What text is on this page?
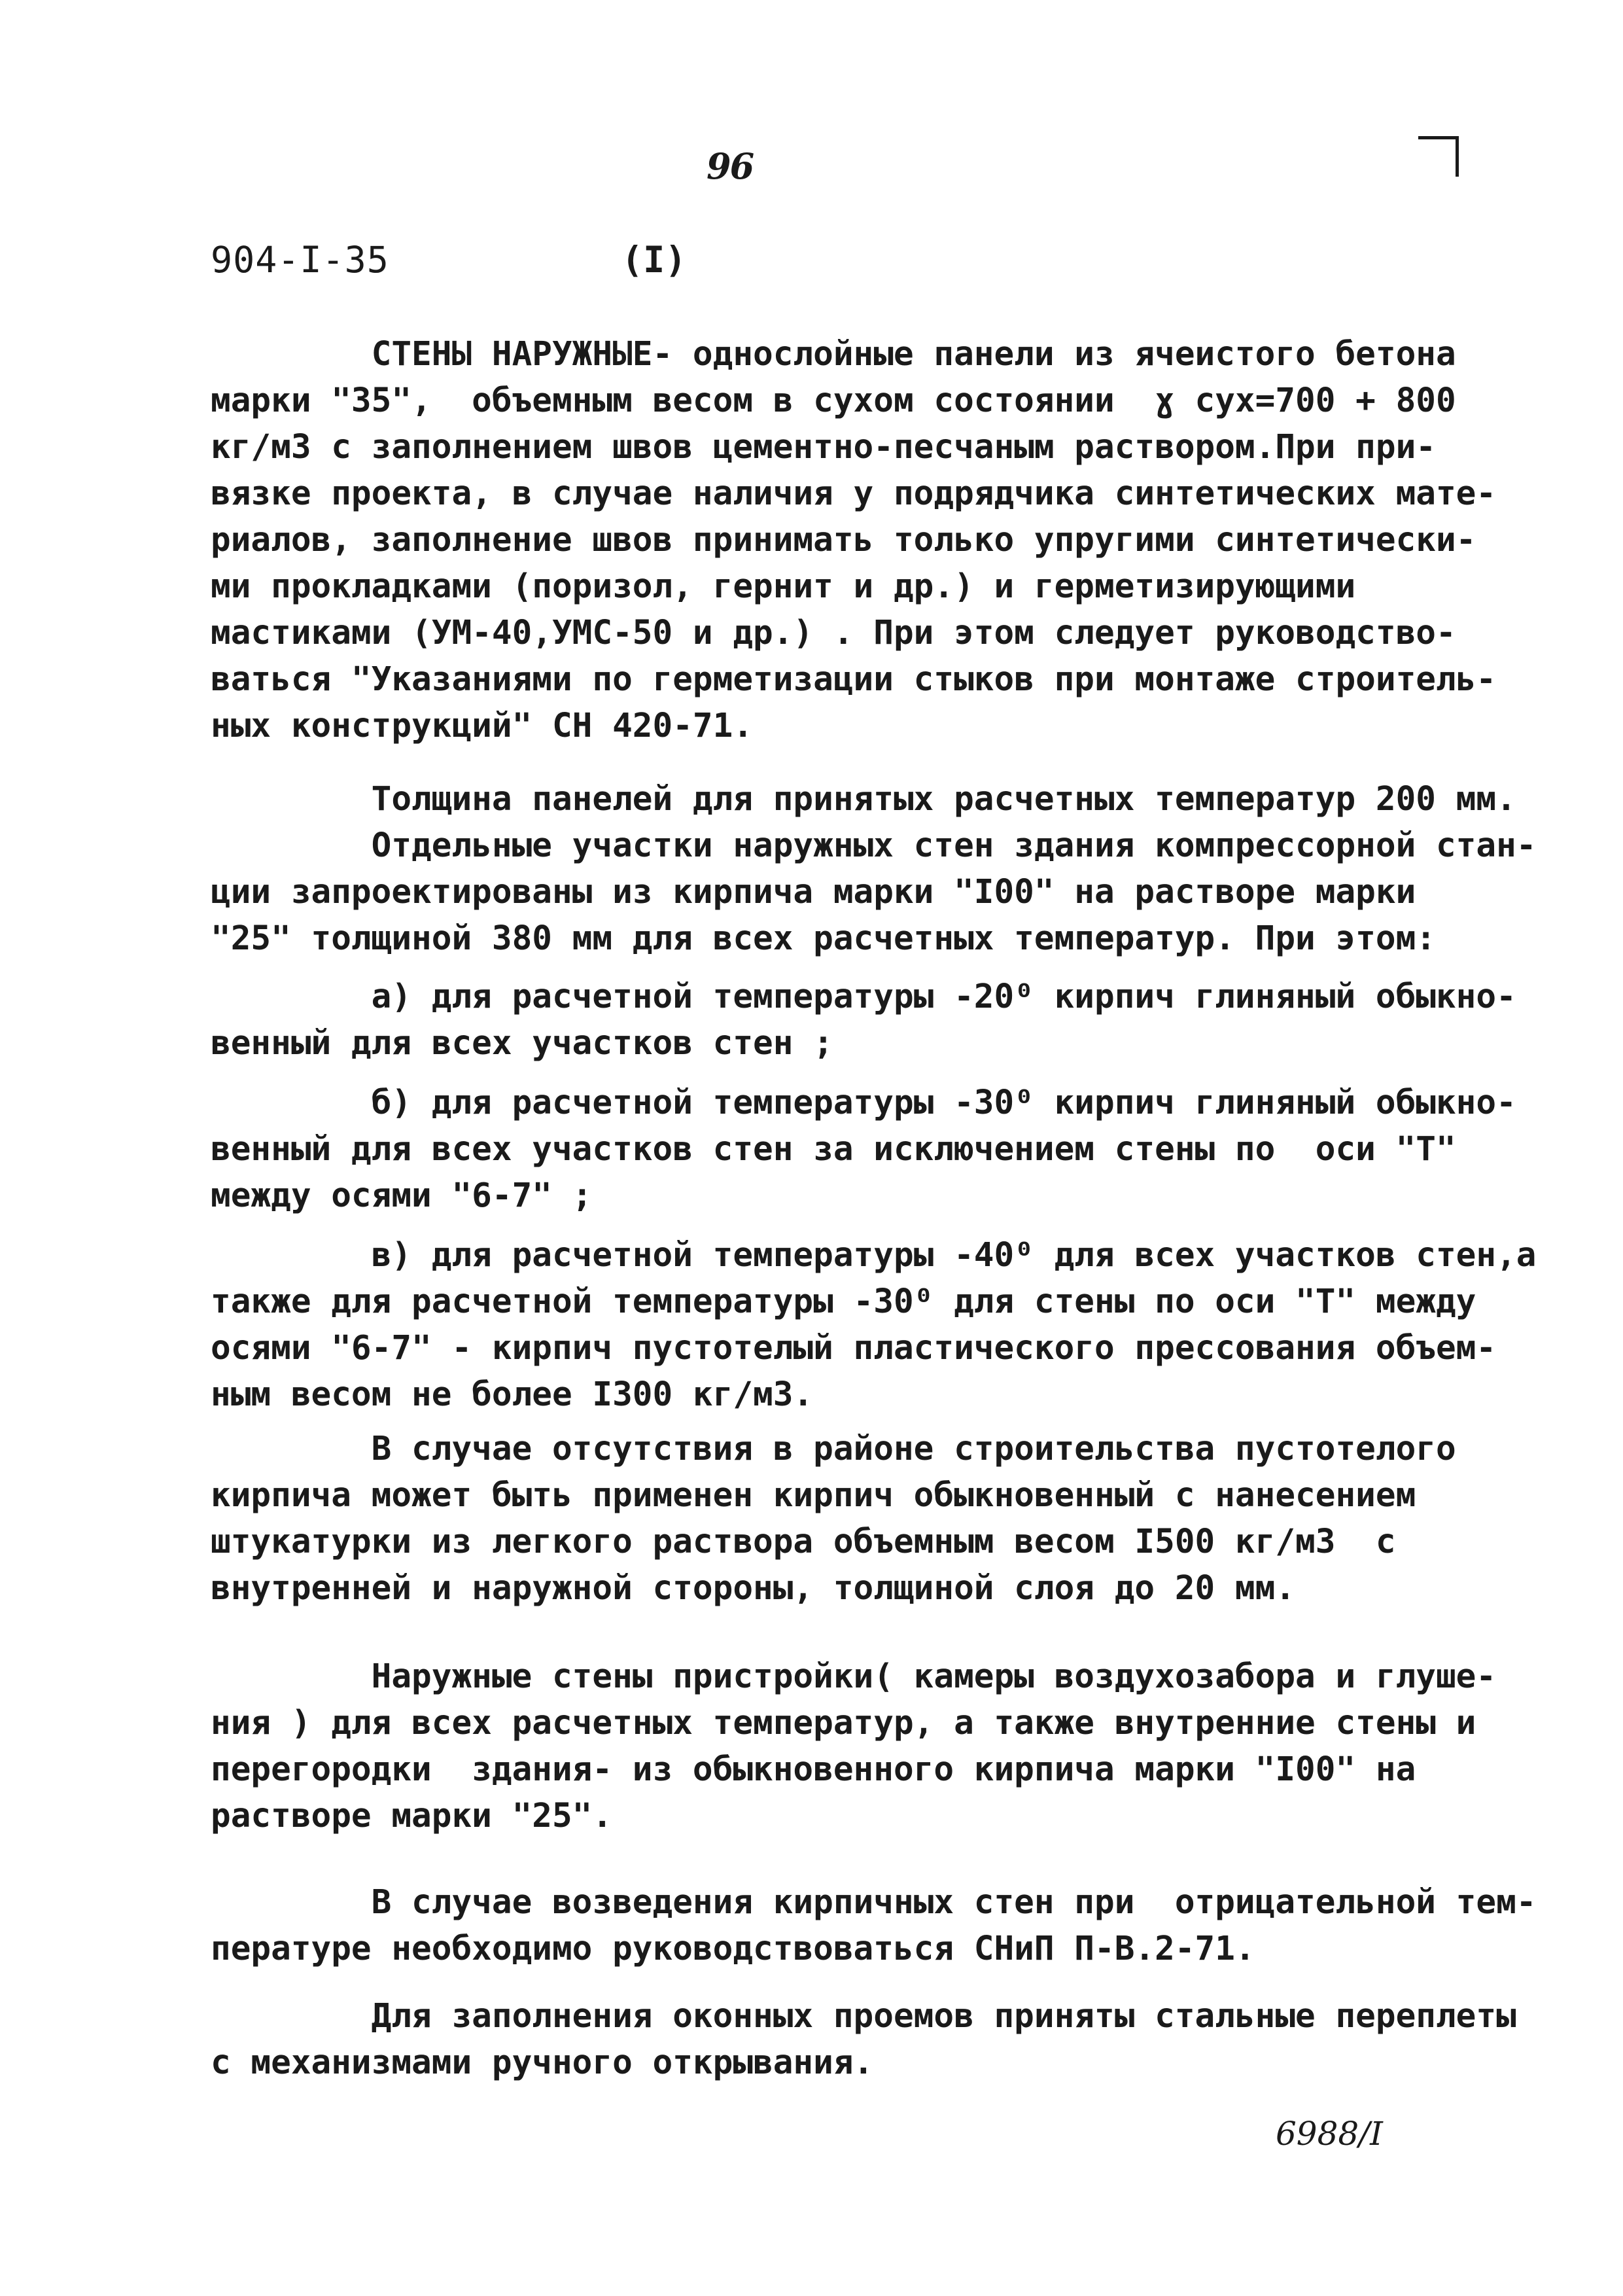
96
904-I-35	(I)

СТЕНЫ НАРУЖНЫЕ- однослойные панели из ячеистого бетона
марки "35",  объемным весом в сухом состоянии  ɣ сух=700 + 800
кг/м3 с заполнением швов цементно-песчаным раствором.При при-
вязке проекта, в случае наличия у подрядчика синтетических мате-
риалов, заполнение швов принимать только упругими синтетически-
ми прокладками (поризол, гернит и др.) и герметизирующими
мастиками (УМ-40,УМС-50 и др.) . При этом следует руководство-
ваться "Указаниями по герметизации стыков при монтаже строитель-
ных конструкций" СН 420-71.

Толщина панелей для принятых расчетных температур 200 мм.
Отдельные участки наружных стен здания компрессорной стан-
ции запроектированы из кирпича марки "I00" на растворе марки
"25" толщиной 380 мм для всех расчетных температур. При этом:

а) для расчетной температуры -20⁰ кирпич глиняный обыкно-
венный для всех участков стен ;

б) для расчетной температуры -30⁰ кирпич глиняный обыкно-
венный для всех участков стен за исключением стены по  оси "Т"
между осями "6-7" ;

в) для расчетной температуры -40⁰ для всех участков стен,а
также для расчетной температуры -30⁰ для стены по оси "Т" между
осями "6-7" - кирпич пустотелый пластического прессования объем-
ным весом не более I300 кг/м3.

В случае отсутствия в районе строительства пустотелого
кирпича может быть применен кирпич обыкновенный с нанесением
штукатурки из легкого раствора объемным весом I500 кг/м3  с
внутренней и наружной стороны, толщиной слоя до 20 мм.

Наружные стены пристройки( камеры воздухозабора и глуше-
ния ) для всех расчетных температур, а также внутренние стены и
перегородки  здания- из обыкновенного кирпича марки "I00" на
растворе марки "25".

В случае возведения кирпичных стен при  отрицательной тем-
пературе необходимо руководствоваться СНиП П-В.2-71.

Для заполнения оконных проемов приняты стальные переплеты
с механизмами ручного открывания.

6988/I
